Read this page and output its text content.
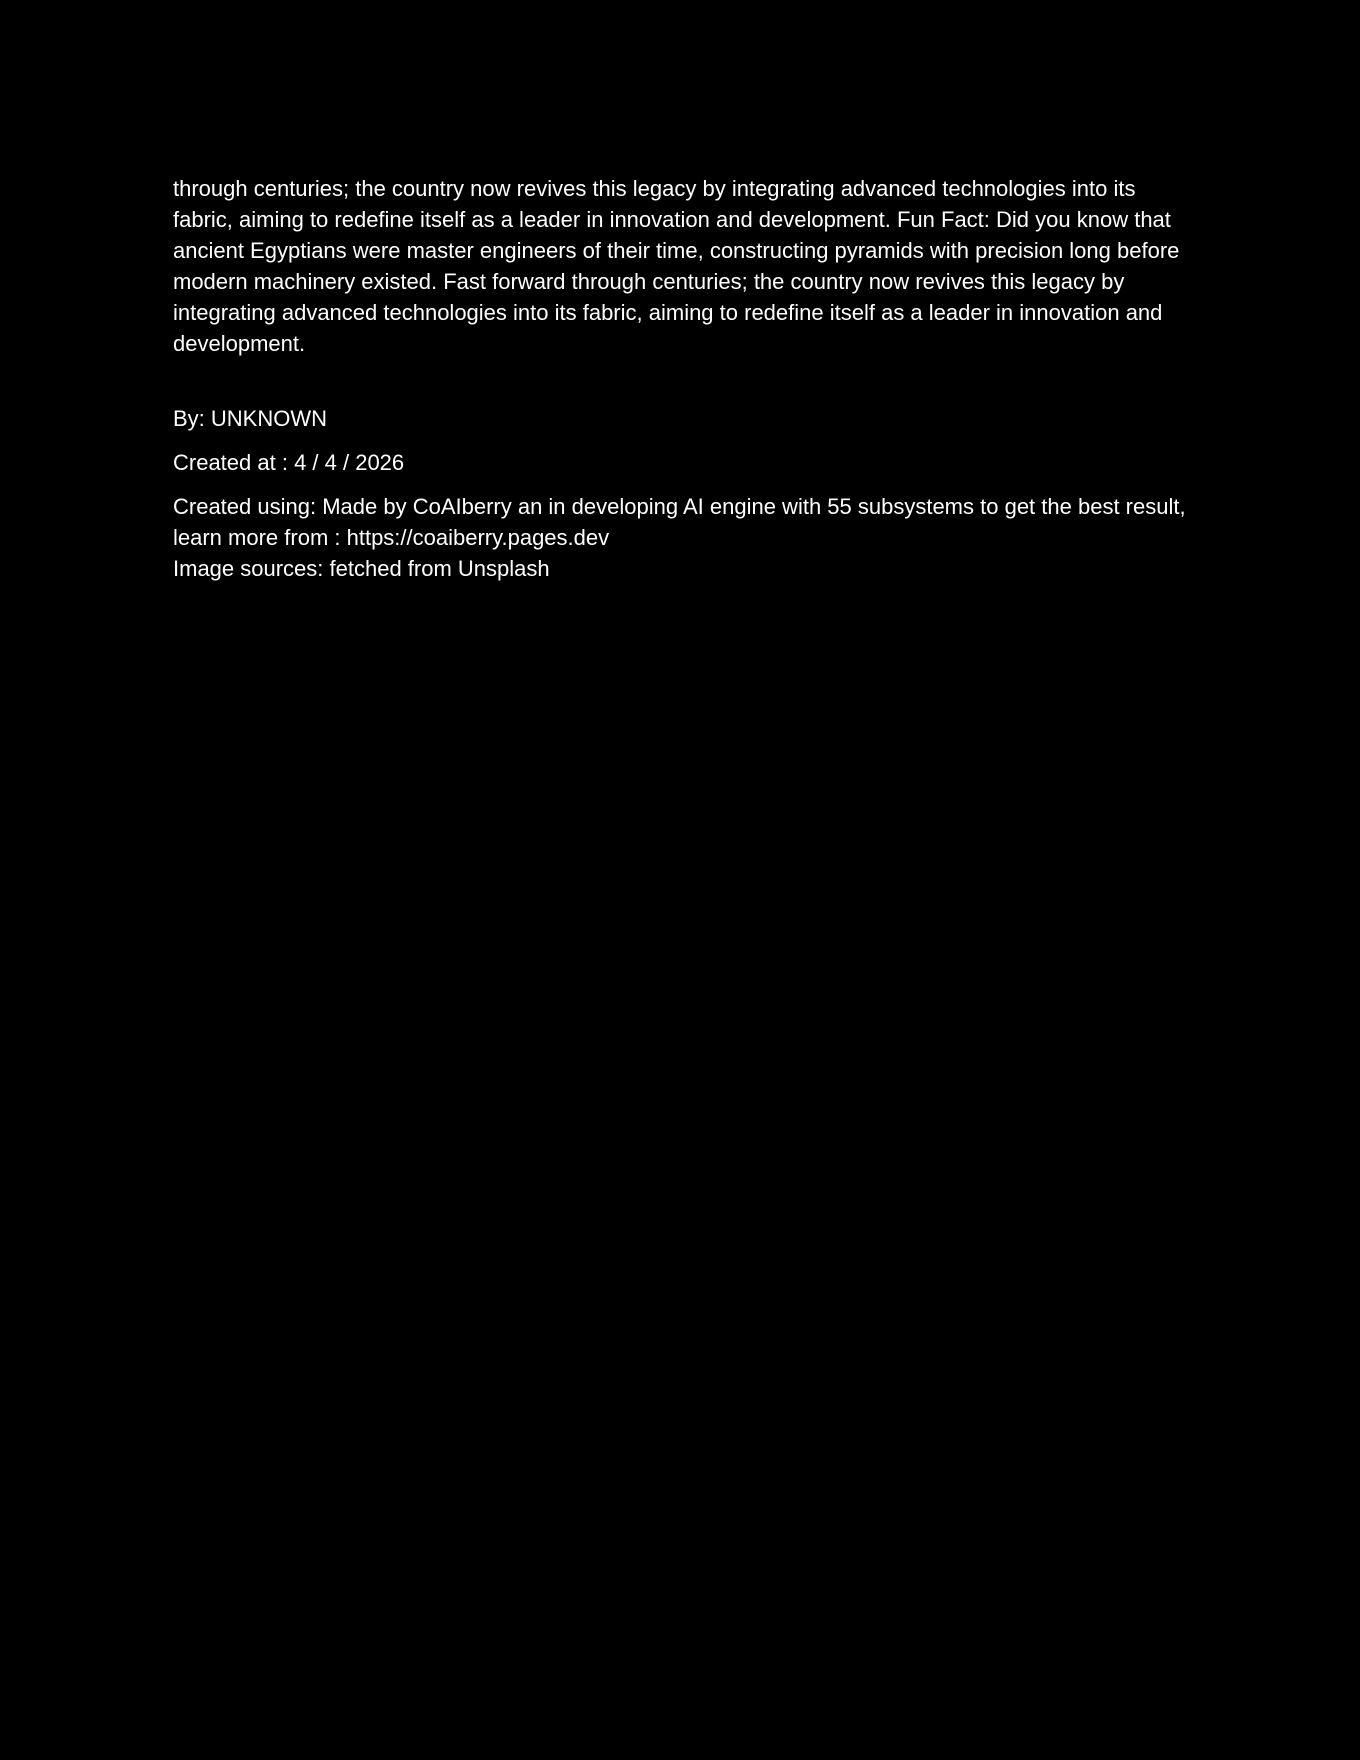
through centuries; the country now revives this legacy by integrating advanced technologies into its fabric, aiming to redefine itself as a leader in innovation and development. Fun Fact: Did you know that ancient Egyptians were master engineers of their time, constructing pyramids with precision long before modern machinery existed. Fast forward through centuries; the country now revives this legacy by integrating advanced technologies into its fabric, aiming to redefine itself as a leader in innovation and development.

By: UNKNOWN

Created at : 4 / 4 / 2026

Created using: Made by CoAIberry an in developing AI engine with 55 subsystems to get the best result, learn more from : https://coaiberry.pages.dev

Image sources: fetched from Unsplash
